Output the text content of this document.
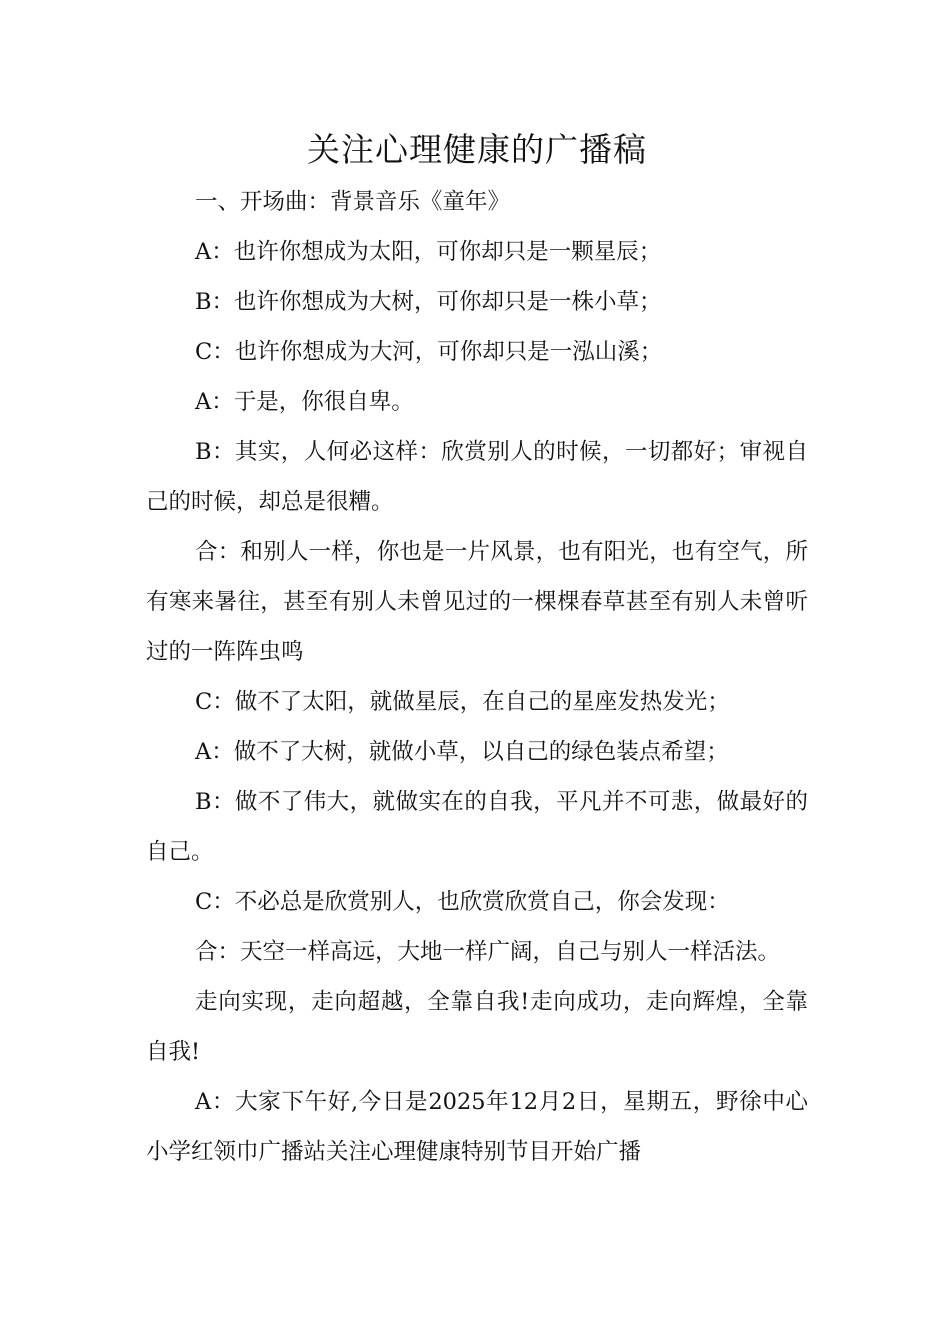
关注心理健康的广播稿

一、开场曲：背景音乐《童年》

A：也许你想成为太阳，可你却只是一颗星辰；

B：也许你想成为大树，可你却只是一株小草；

C：也许你想成为大河，可你却只是一泓山溪；

A：于是，你很自卑。

B：其实，人何必这样：欣赏别人的时候，一切都好；审视自己的时候，却总是很糟。

合：和别人一样，你也是一片风景，也有阳光，也有空气，所有寒来暑往，甚至有别人未曾见过的一棵棵春草甚至有别人未曾听过的一阵阵虫鸣

C：做不了太阳，就做星辰，在自己的星座发热发光；

A：做不了大树，就做小草，以自己的绿色装点希望；

B：做不了伟大，就做实在的自我，平凡并不可悲，做最好的自己。

C：不必总是欣赏别人，也欣赏欣赏自己，你会发现：

合：天空一样高远，大地一样广阔，自己与别人一样活法。

走向实现，走向超越，全靠自我!走向成功，走向辉煌，全靠自我!

A：大家下午好,今日是2025年12月2日，星期五，野徐中心小学红领巾广播站关注心理健康特别节目开始广播
